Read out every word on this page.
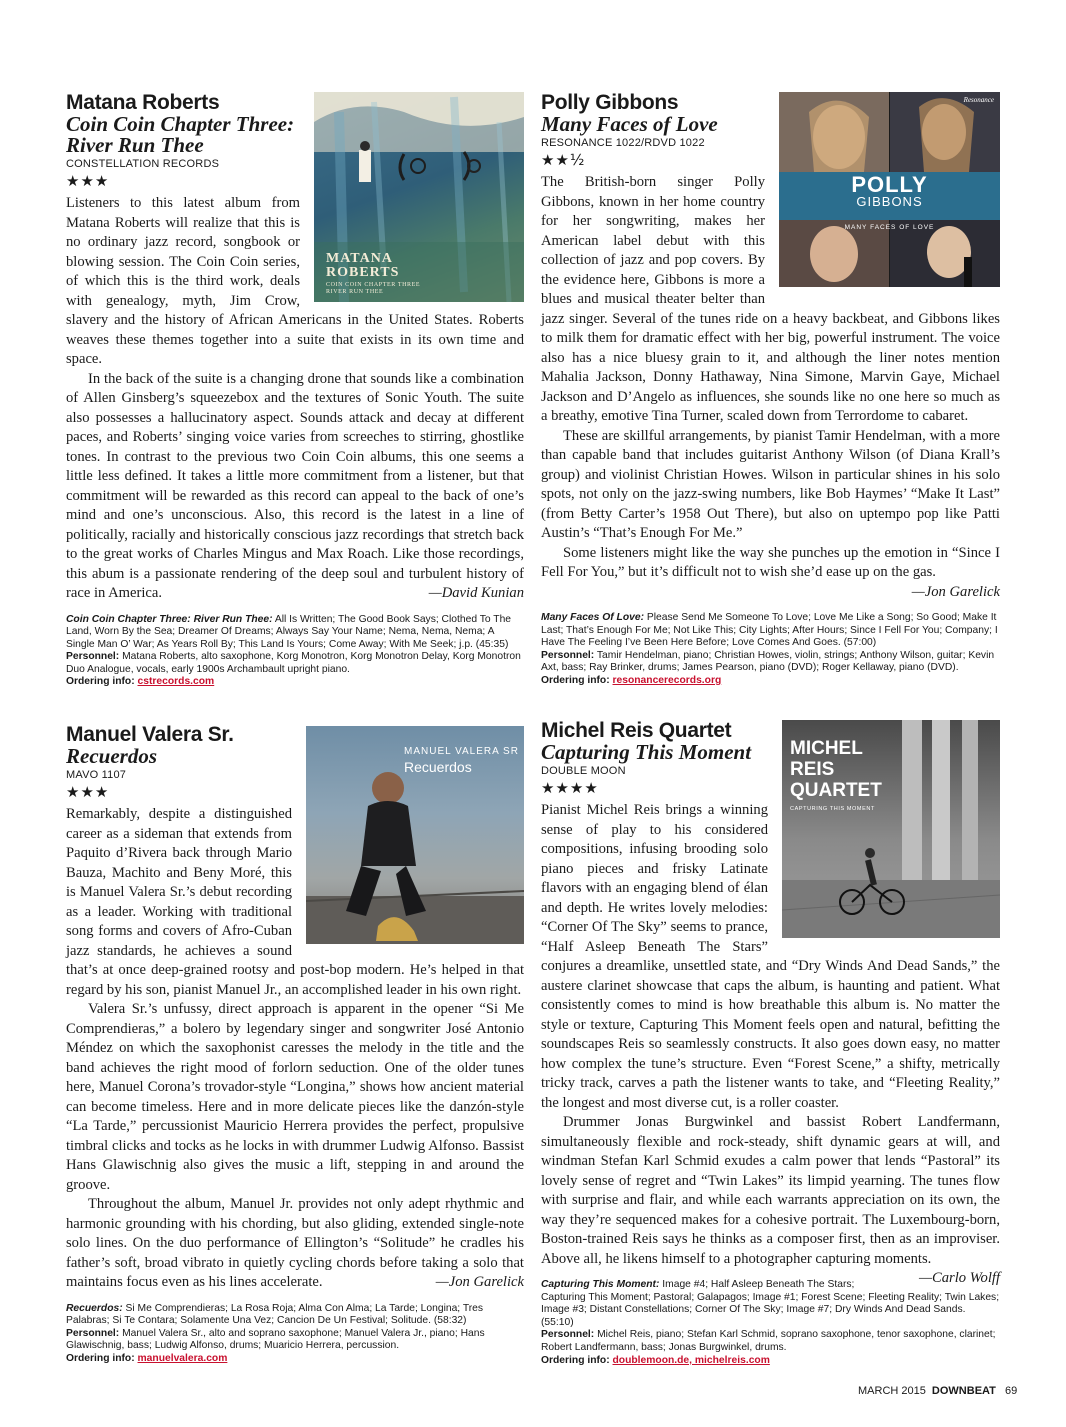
MATANA
ROBERTS
COIN COIN CHAPTER THREE
RIVER RUN THEE
Matana Roberts
Coin Coin Chapter Three: River Run Thee
CONSTELLATION RECORDS
★★★

Listeners to this latest album from Matana Roberts will realize that this is no ordinary jazz record, songbook or blowing session. The Coin Coin series, of which this is the third work, deals with genealogy, myth, Jim Crow, slavery and the history of African Americans in the United States. Roberts weaves these themes together into a suite that exists in its own time and space.

In the back of the suite is a changing drone that sounds like a combination of Allen Ginsberg’s squeezebox and the textures of Sonic Youth. The suite also possesses a hallucinatory aspect. Sounds attack and decay at different paces, and Roberts’ singing voice varies from screeches to stirring, ghostlike tones. In contrast to the previous two Coin Coin albums, this one seems a little less defined. It takes a little more commitment from a listener, but that commitment will be rewarded as this record can appeal to the back of one’s mind and one’s unconscious. Also, this record is the latest in a line of politically, racially and historically conscious jazz recordings that stretch back to the great works of Charles Mingus and Max Roach. Like those recordings, this abum is a passionate rendering of the deep soul and turbulent history of race in America.	—David Kunian

Coin Coin Chapter Three: River Run Thee: All Is Written; The Good Book Says; Clothed To The Land, Worn By the Sea; Dreamer Of Dreams; Always Say Your Name; Nema, Nema, Nema; A Single Man O’ War; As Years Roll By; This Land Is Yours; Come Away; With Me Seek; j.p. (45:35)
Personnel: Matana Roberts, alto saxophone, Korg Monotron, Korg Monotron Delay, Korg Monotron Duo Analogue, vocals, early 1900s Archambault upright piano.
Ordering info: cstrecords.com
POLLY
GIBBONS
MANY FACES OF LOVE
Resonance
Polly Gibbons
Many Faces of Love
RESONANCE 1022/RDVD 1022
★★½

The British-born singer Polly Gibbons, known in her home country for her songwriting, makes her American label debut with this collection of jazz and pop covers. By the evidence here, Gibbons is more a blues and musical theater belter than jazz singer. Several of the tunes ride on a heavy backbeat, and Gibbons likes to milk them for dramatic effect with her big, powerful instrument. The voice also has a nice bluesy grain to it, and although the liner notes mention Mahalia Jackson, Donny Hathaway, Nina Simone, Marvin Gaye, Michael Jackson and D’Angelo as influences, she sounds like no one here so much as a breathy, emotive Tina Turner, scaled down from Terrordome to cabaret.

These are skillful arrangements, by pianist Tamir Hendelman, with a more than capable band that includes guitarist Anthony Wilson (of Diana Krall’s group) and violinist Christian Howes. Wilson in particular shines in his solo spots, not only on the jazz-swing numbers, like Bob Haymes’ “Make It Last” (from Betty Carter’s 1958 Out There), but also on uptempo pop like Patti Austin’s “That’s Enough For Me.”

Some listeners might like the way she punches up the emotion in “Since I Fell For You,” but it’s difficult not to wish she’d ease up on the gas.

—Jon Garelick
Many Faces Of Love: Please Send Me Someone To Love; Love Me Like a Song; So Good; Make It Last; That’s Enough For Me; Not Like This; City Lights; After Hours; Since I Fell For You; Company; I Have The Feeling I’ve Been Here Before; Love Comes And Goes. (57:00)
Personnel: Tamir Hendelman, piano; Christian Howes, violin, strings; Anthony Wilson, guitar; Kevin Axt, bass; Ray Brinker, drums; James Pearson, piano (DVD); Roger Kellaway, piano (DVD).
Ordering info: resonancerecords.org
MANUEL VALERA SR
Recuerdos
Manuel Valera Sr.
Recuerdos
MAVO 1107
★★★

Remarkably, despite a distinguished career as a sideman that extends from Paquito d’Rivera back through Mario Bauza, Machito and Beny Moré, this is Manuel Valera Sr.’s debut recording as a leader. Working with traditional song forms and covers of Afro-Cuban jazz standards, he achieves a sound that’s at once deep-grained rootsy and post-bop modern. He’s helped in that regard by his son, pianist Manuel Jr., an accomplished leader in his own right.

Valera Sr.’s unfussy, direct approach is apparent in the opener “Si Me Comprendieras,” a bolero by legendary singer and songwriter José Antonio Méndez on which the saxophonist caresses the melody in the title and the band achieves the right mood of forlorn seduction. One of the older tunes here, Manuel Corona’s trovador-style “Longina,” shows how ancient material can become timeless. Here and in more delicate pieces like the danzón-style “La Tarde,” percussionist Mauricio Herrera provides the perfect, propulsive timbral clicks and tocks as he locks in with drummer Ludwig Alfonso. Bassist Hans Glawischnig also gives the music a lift, stepping in and around the groove.

Throughout the album, Manuel Jr. provides not only adept rhythmic and harmonic grounding with his chording, but also gliding, extended single-note solo lines. On the duo performance of Ellington’s “Solitude” he cradles his father’s soft, broad vibrato in quietly cycling chords before taking a solo that maintains focus even as his lines accelerate.	—Jon Garelick

Recuerdos: Si Me Comprendieras; La Rosa Roja; Alma Con Alma; La Tarde; Longina; Tres Palabras; Si Te Contara; Solamente Una Vez; Cancion De Un Festival; Solitude. (58:32)
Personnel: Manuel Valera Sr., alto and soprano saxophone; Manuel Valera Jr., piano; Hans Glawischnig, bass; Ludwig Alfonso, drums; Muaricio Herrera, percussion.
Ordering info: manuelvalera.com
MICHEL
REIS
QUARTET
CAPTURING THIS MOMENT
Michel Reis Quartet
Capturing This Moment
DOUBLE MOON
★★★★

Pianist Michel Reis brings a winning sense of play to his considered compositions, infusing brooding solo piano pieces and frisky Latinate flavors with an engaging blend of élan and depth. He writes lovely melodies: “Corner Of The Sky” seems to prance, “Half Asleep Beneath The Stars” conjures a dreamlike, unsettled state, and “Dry Winds And Dead Sands,” the austere clarinet showcase that caps the album, is haunting and patient. What consistently comes to mind is how breathable this album is. No matter the style or texture, Capturing This Moment feels open and natural, befitting the soundscapes Reis so seamlessly constructs. It also goes down easy, no matter how complex the tune’s structure. Even “Forest Scene,” a shifty, metrically tricky track, carves a path the listener wants to take, and “Fleeting Reality,” the longest and most diverse cut, is a roller coaster.

Drummer Jonas Burgwinkel and bassist Robert Landfermann, simultaneously flexible and rock-steady, shift dynamic gears at will, and windman Stefan Karl Schmid exudes a calm power that lends “Pastoral” its lovely sense of regret and “Twin Lakes” its limpid yearning. The tunes flow with surprise and flair, and while each warrants appreciation on its own, the way they’re sequenced makes for a cohesive portrait. The Luxembourg-born, Boston-trained Reis says he thinks as a composer first, then as an improviser. Above all, he likens himself to a photographer capturing moments.
—Carlo Wolff

Capturing This Moment: Image #4; Half Asleep Beneath The Stars; Capturing This Moment; Pastoral; Galapagos; Image #1; Forest Scene; Fleeting Reality; Twin Lakes; Image #3; Distant Constellations; Corner Of The Sky; Image #7; Dry Winds And Dead Sands. (55:10)
Personnel: Michel Reis, piano; Stefan Karl Schmid, soprano saxophone, tenor saxophone, clarinet; Robert Landfermann, bass; Jonas Burgwinkel, drums.
Ordering info: doublemoon.de, michelreis.com
MARCH 2015 DOWNBEAT 69
